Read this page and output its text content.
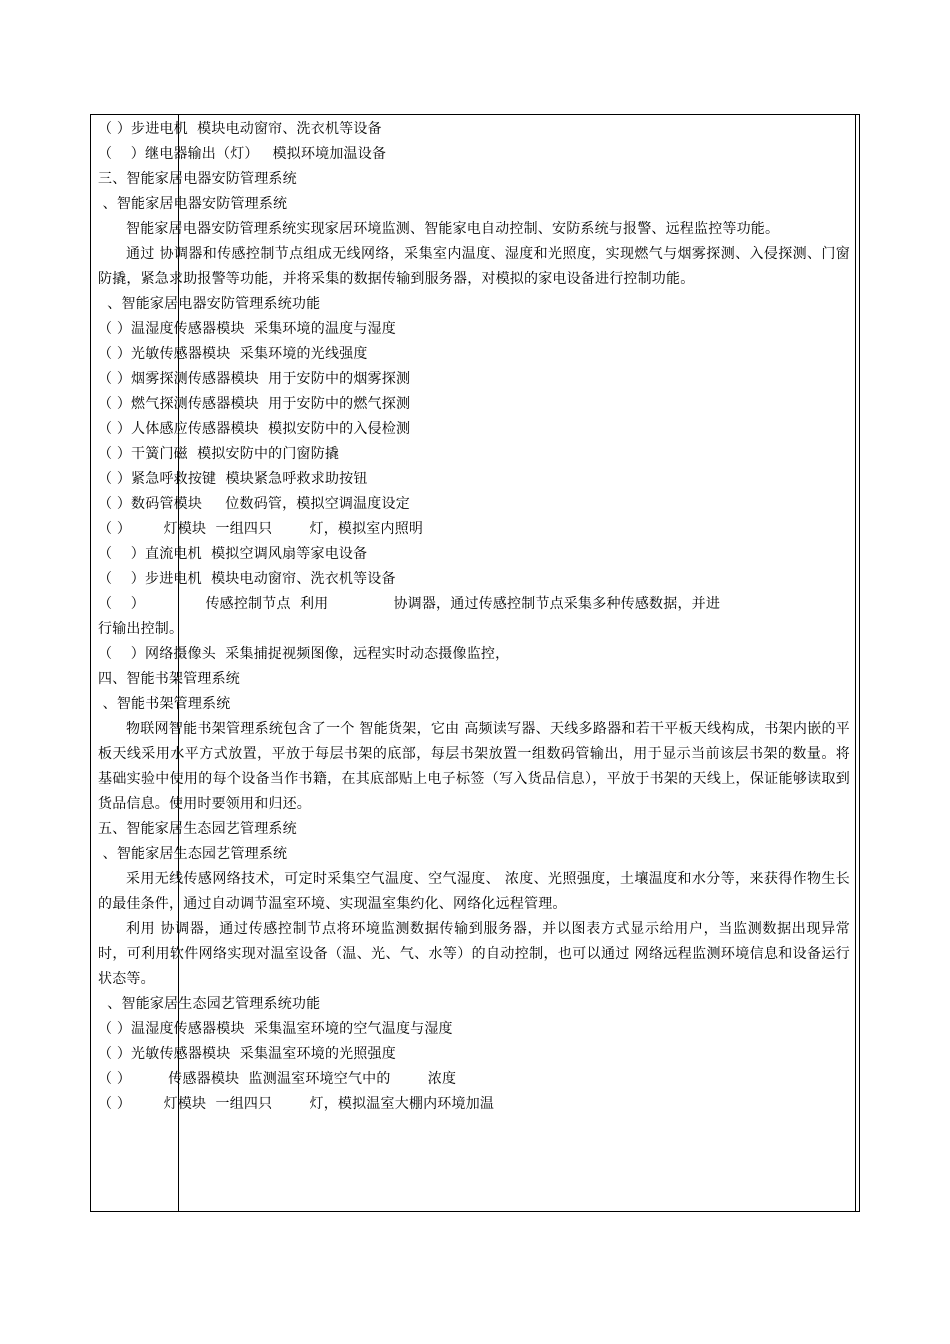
（ ）步进电机  模块电动窗帘、洗衣机等设备

（    ）继电器输出（灯）   模拟环境加温设备

三、智能家居电器安防管理系统

、智能家居电器安防管理系统

智能家居电器安防管理系统实现家居环境监测、智能家电自动控制、安防系统与报警、远程监控等功能。

通过 协调器和传感控制节点组成无线网络，采集室内温度、湿度和光照度，实现燃气与烟雾探测、入侵探测、门窗防撬，紧急求助报警等功能，并将采集的数据传输到服务器，对模拟的家电设备进行控制功能。

、智能家居电器安防管理系统功能

（ ）温湿度传感器模块  采集环境的温度与湿度

（ ）光敏传感器模块  采集环境的光线强度

（ ）烟雾探测传感器模块  用于安防中的烟雾探测

（ ）燃气探测传感器模块  用于安防中的燃气探测

（ ）人体感应传感器模块  模拟安防中的入侵检测

（ ）干簧门磁  模拟安防中的门窗防撬

（ ）紧急呼救按键  模块紧急呼救求助按钮

（ ）数码管模块     位数码管，模拟空调温度设定

（ ）       灯模块  一组四只        灯，模拟室内照明

（    ）直流电机  模拟空调风扇等家电设备

（    ）步进电机  模块电动窗帘、洗衣机等设备

（    ）             传感控制节点  利用              协调器，通过传感控制节点采集多种传感数据，并进

行输出控制。

（    ）网络摄像头  采集捕捉视频图像，远程实时动态摄像监控，

四、智能书架管理系统

、智能书架管理系统

物联网智能书架管理系统包含了一个 智能货架，它由 高频读写器、天线多路器和若干平板天线构成，书架内嵌的平板天线采用水平方式放置，平放于每层书架的底部，每层书架放置一组数码管输出，用于显示当前该层书架的数量。将基础实验中使用的每个设备当作书籍，在其底部贴上电子标签（写入货品信息），平放于书架的天线上，保证能够读取到货品信息。使用时要领用和归还。

五、智能家居生态园艺管理系统

、智能家居生态园艺管理系统

采用无线传感网络技术，可定时采集空气温度、空气湿度、 浓度、光照强度，土壤温度和水分等，来获得作物生长的最佳条件，通过自动调节温室环境、实现温室集约化、网络化远程管理。

利用 协调器，通过传感控制节点将环境监测数据传输到服务器，并以图表方式显示给用户，当监测数据出现异常时，可利用软件网络实现对温室设备（温、光、气、水等）的自动控制，也可以通过 网络远程监测环境信息和设备运行状态等。

、智能家居生态园艺管理系统功能

（ ）温湿度传感器模块  采集温室环境的空气温度与湿度

（ ）光敏传感器模块  采集温室环境的光照强度

（ ）        传感器模块  监测温室环境空气中的        浓度

（ ）       灯模块  一组四只        灯，模拟温室大棚内环境加温
